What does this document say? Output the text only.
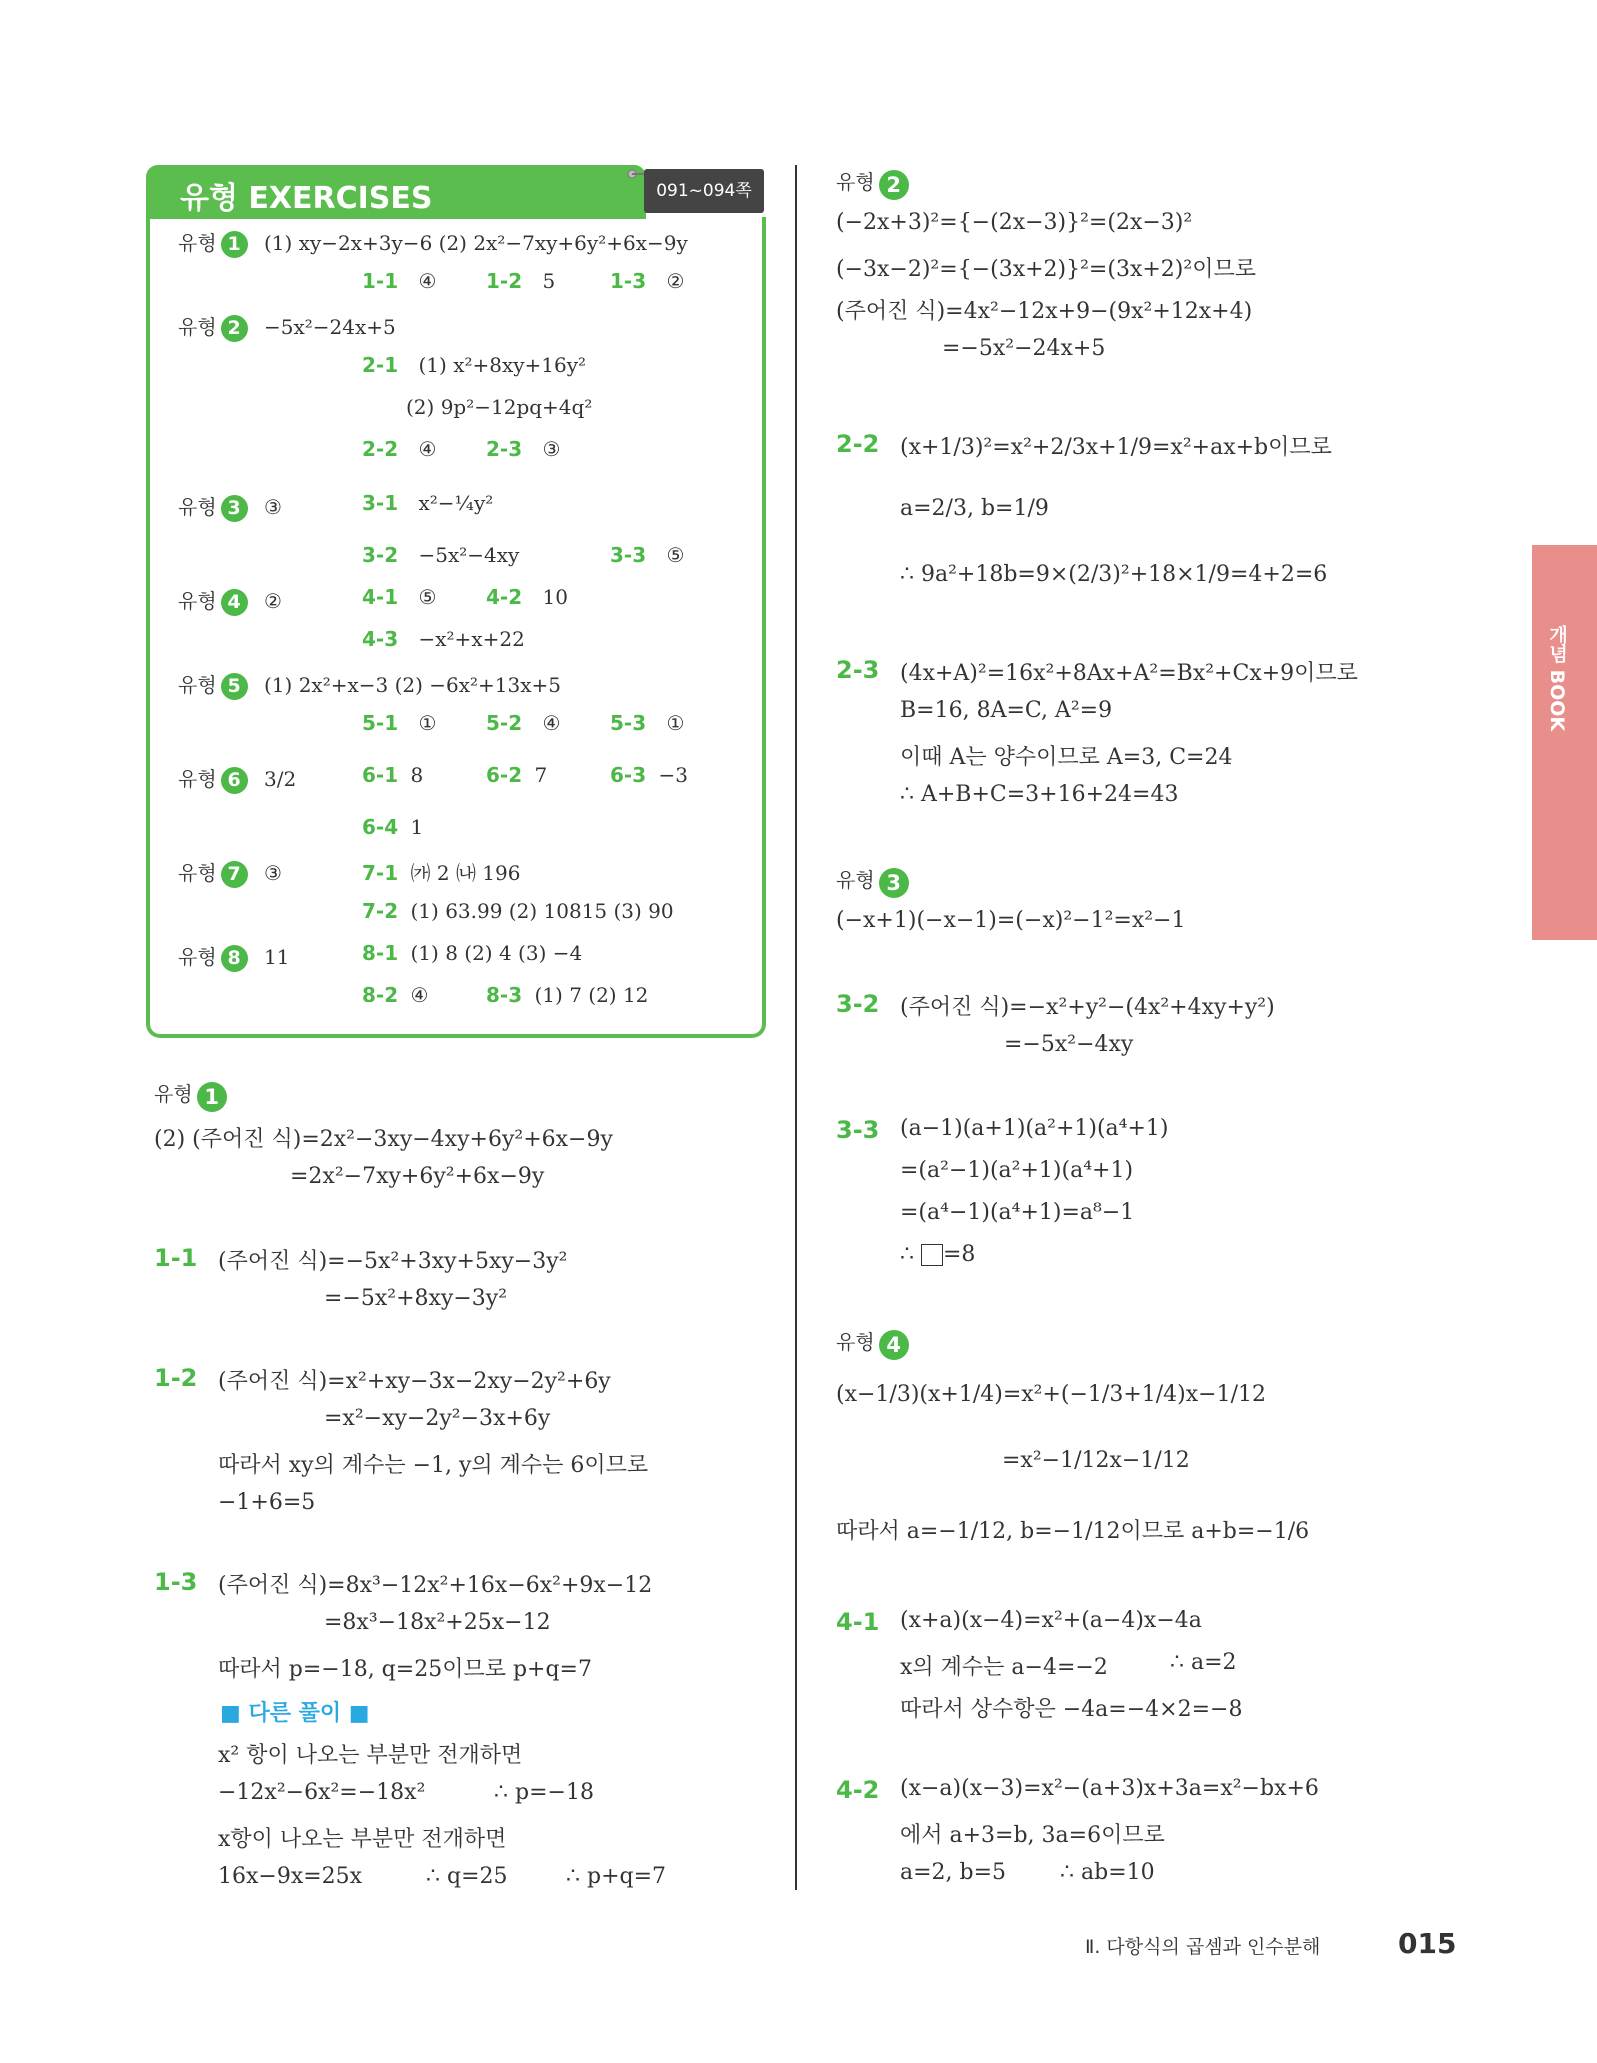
유형 EXERCISES	091~094쪽
유형 1 (1) xy−2x+3y−6 (2) 2x²−7xy+6y²+6x−9y
1-1 ④ 1-2 5	1-3 ②
유형 2 −5x²−24x+5
2-1 (1) x²+8xy+16y²
(2) 9p²−12pq+4q²
2-2 ④ 2-3 ③
유형 3 ③	3-1 x²−¼y²
3-2 −5x²−4xy	3-3 ⑤
유형 4 ②	4-1 ⑤ 4-2 10
4-3 −x²+x+22
유형 5 (1) 2x²+x−3 (2) −6x²+13x+5
5-1 ① 5-2 ④ 5-3 ①
유형 6 3/2	6-1 8	6-2 7	6-3 −3
6-4 1
유형 7 ③	7-1 ㈎ 2 ㈏ 196
7-2 (1) 63.99 (2) 10815 (3) 90
유형 8 11	8-1 (1) 8 (2) 4 (3) −4
8-2 ④	8-3 (1) 7 (2) 12
유형 1
(2) (주어진 식)=2x²−3xy−4xy+6y²+6x−9y
=2x²−7xy+6y²+6x−9y
1-1 (주어진 식)=−5x²+3xy+5xy−3y²
=−5x²+8xy−3y²
1-2 (주어진 식)=x²+xy−3x−2xy−2y²+6y
=x²−xy−2y²−3x+6y
따라서 xy의 계수는 −1, y의 계수는 6이므로
−1+6=5
1-3 (주어진 식)=8x³−12x²+16x−6x²+9x−12
=8x³−18x²+25x−12
따라서 p=−18, q=25이므로 p+q=7
■ 다른 풀이 ■
x² 항이 나오는 부분만 전개하면
−12x²−6x²=−18x²	∴ p=−18
x항이 나오는 부분만 전개하면
16x−9x=25x	∴ q=25	∴ p+q=7
유형 2
(−2x+3)²={−(2x−3)}²=(2x−3)²
(−3x−2)²={−(3x+2)}²=(3x+2)²이므로
(주어진 식)=4x²−12x+9−(9x²+12x+4)
=−5x²−24x+5
2-2 (x+1/3)²=x²+2/3x+1/9=x²+ax+b이므로
a=2/3, b=1/9
∴ 9a²+18b=9×(2/3)²+18×1/9=4+2=6
2-3 (4x+A)²=16x²+8Ax+A²=Bx²+Cx+9이므로
B=16, 8A=C, A²=9
이때 A는 양수이므로 A=3, C=24
∴ A+B+C=3+16+24=43
유형 3
(−x+1)(−x−1)=(−x)²−1²=x²−1
3-2 (주어진 식)=−x²+y²−(4x²+4xy+y²)
=−5x²−4xy
3-3 (a−1)(a+1)(a²+1)(a⁴+1)
=(a²−1)(a²+1)(a⁴+1)
=(a⁴−1)(a⁴+1)=a⁸−1
∴ =8
유형 4
(x−1/3)(x+1/4)=x²+(−1/3+1/4)x−1/12
=x²−1/12x−1/12
따라서 a=−1/12, b=−1/12이므로 a+b=−1/6
4-1 (x+a)(x−4)=x²+(a−4)x−4a
x의 계수는 a−4=−2	∴ a=2
따라서 상수항은 −4a=−4×2=−8
4-2 (x−a)(x−3)=x²−(a+3)x+3a=x²−bx+6
에서 a+3=b, 3a=6이므로
a=2, b=5 ∴ ab=10
개념 BOOK
Ⅱ. 다항식의 곱셈과 인수분해	015
